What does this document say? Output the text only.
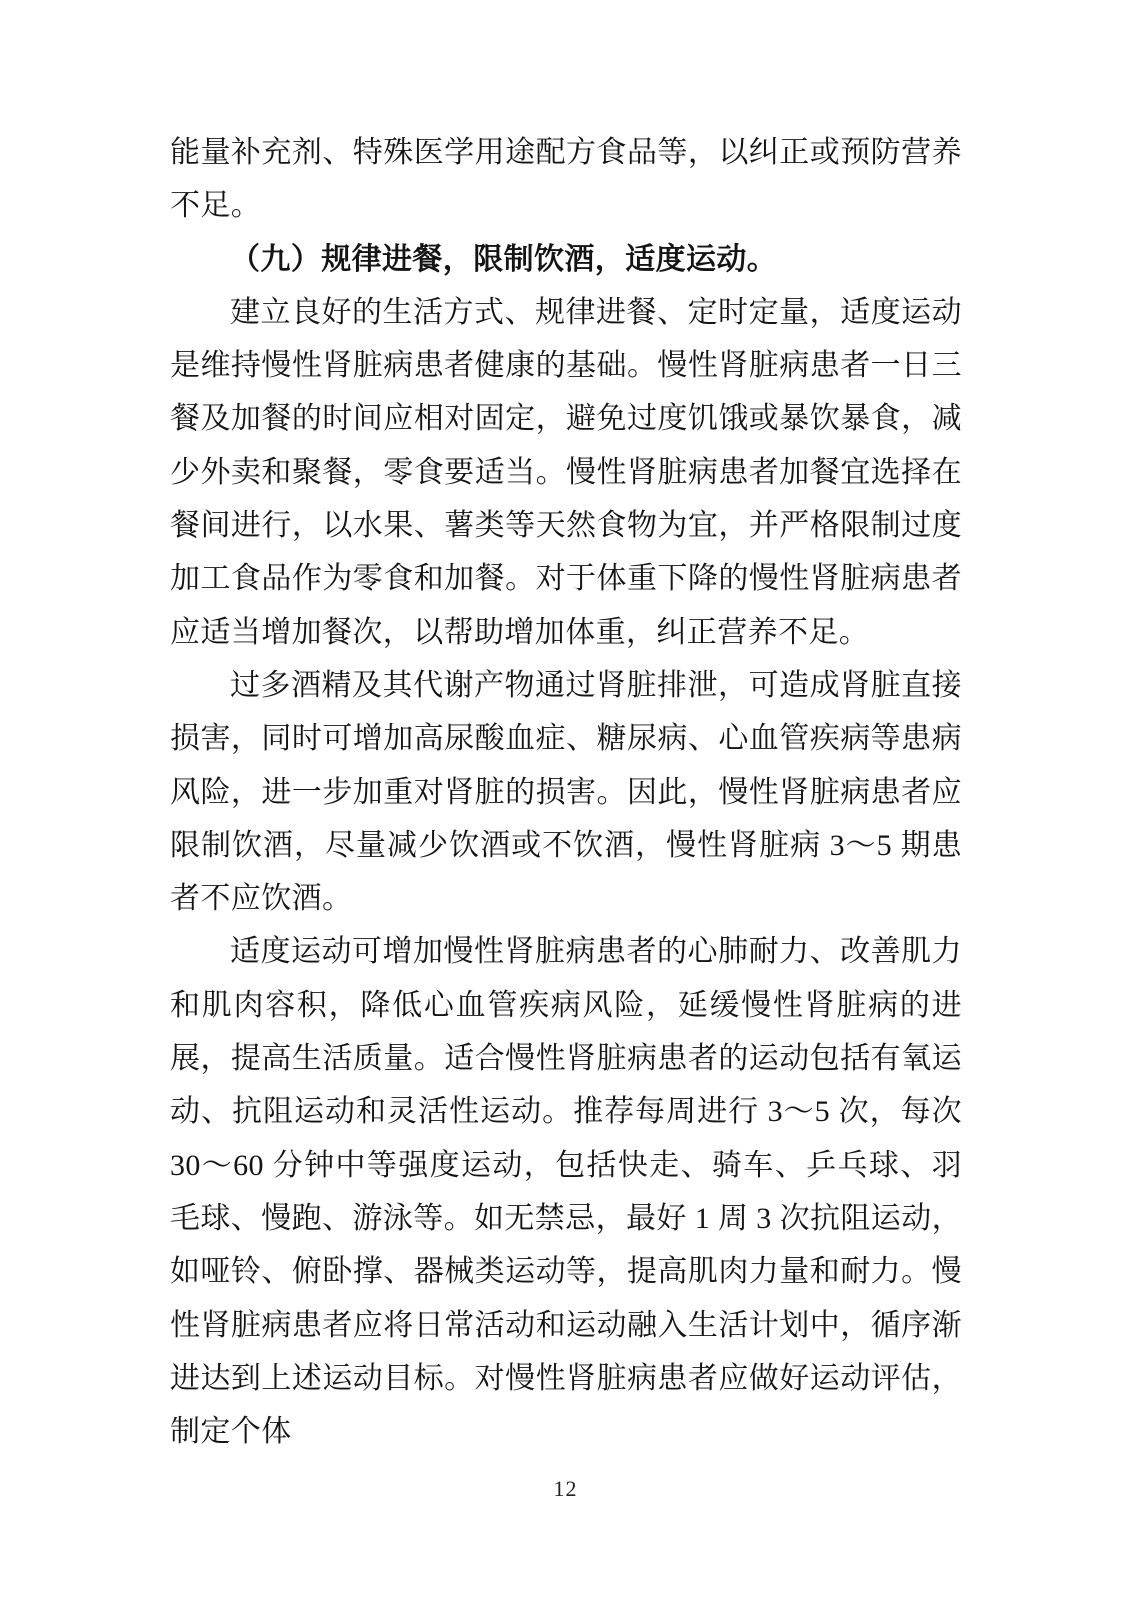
能量补充剂、特殊医学用途配方食品等，以纠正或预防营养不足。

（九）规律进餐，限制饮酒，适度运动。

建立良好的生活方式、规律进餐、定时定量，适度运动是维持慢性肾脏病患者健康的基础。慢性肾脏病患者一日三餐及加餐的时间应相对固定，避免过度饥饿或暴饮暴食，减少外卖和聚餐，零食要适当。慢性肾脏病患者加餐宜选择在餐间进行，以水果、薯类等天然食物为宜，并严格限制过度加工食品作为零食和加餐。对于体重下降的慢性肾脏病患者应适当增加餐次，以帮助增加体重，纠正营养不足。

过多酒精及其代谢产物通过肾脏排泄，可造成肾脏直接损害，同时可增加高尿酸血症、糖尿病、心血管疾病等患病风险，进一步加重对肾脏的损害。因此，慢性肾脏病患者应限制饮酒，尽量减少饮酒或不饮酒，慢性肾脏病 3～5 期患者不应饮酒。

适度运动可增加慢性肾脏病患者的心肺耐力、改善肌力和肌肉容积，降低心血管疾病风险，延缓慢性肾脏病的进展，提高生活质量。适合慢性肾脏病患者的运动包括有氧运动、抗阻运动和灵活性运动。推荐每周进行 3～5 次，每次 30～60 分钟中等强度运动，包括快走、骑车、乒乓球、羽毛球、慢跑、游泳等。如无禁忌，最好 1 周 3 次抗阻运动，如哑铃、俯卧撑、器械类运动等，提高肌肉力量和耐力。慢性肾脏病患者应将日常活动和运动融入生活计划中，循序渐进达到上述运动目标。对慢性肾脏病患者应做好运动评估，制定个体

12
